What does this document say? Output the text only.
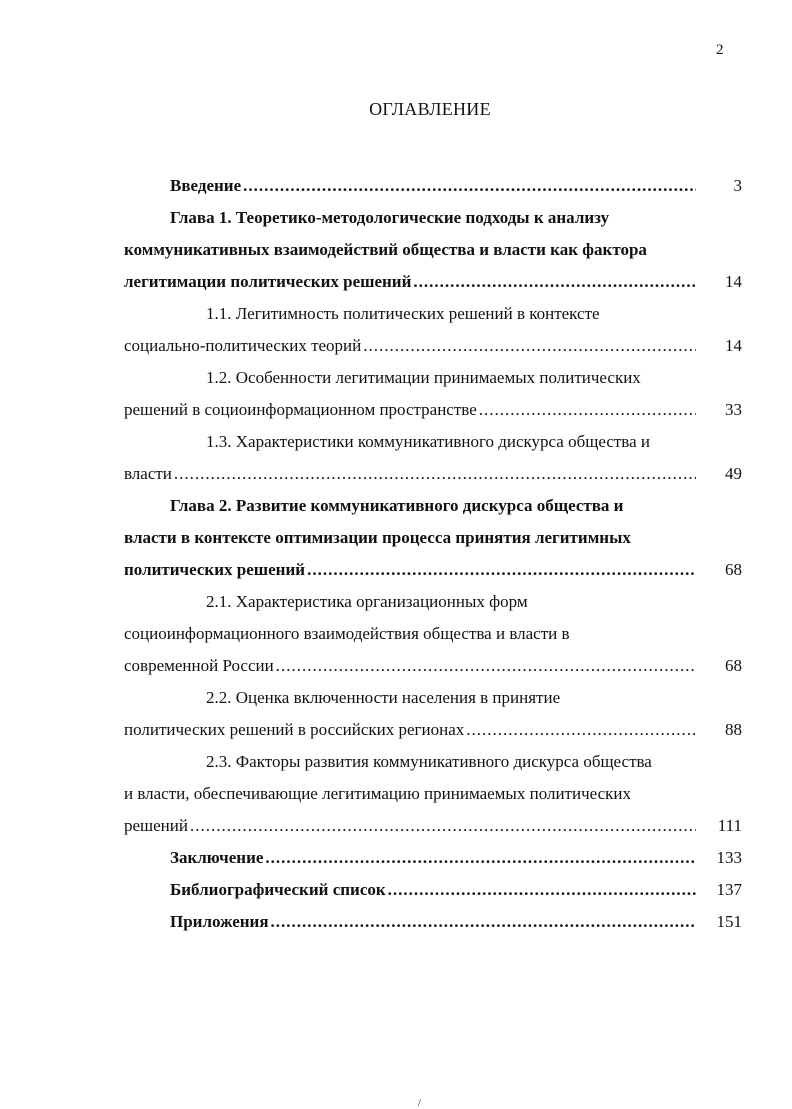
2
ОГЛАВЛЕНИЕ
Введение .....	3
Глава 1. Теоретико-методологические подходы к анализу
коммуникативных взаимодействий общества и власти как фактора
легитимации политических решений .....	14
1.1. Легитимность политических решений в контексте
социально-политических теорий .....	14
1.2. Особенности легитимации принимаемых политических
решений в социоинформационном пространстве .....	33
1.3. Характеристики коммуникативного дискурса общества и
власти .....	49
Глава 2. Развитие коммуникативного дискурса общества и
власти в контексте оптимизации процесса принятия легитимных
политических решений .....	68
2.1. Характеристика организационных форм
социоинформационного взаимодействия общества и власти в
современной России .....	68
2.2. Оценка включенности населения в принятие
политических решений в российских регионах .....	88
2.3. Факторы развития коммуникативного дискурса общества
и власти, обеспечивающие легитимацию принимаемых политических
решений .....	111
Заключение .....	133
Библиографический список .....	137
Приложения .....	151
/
